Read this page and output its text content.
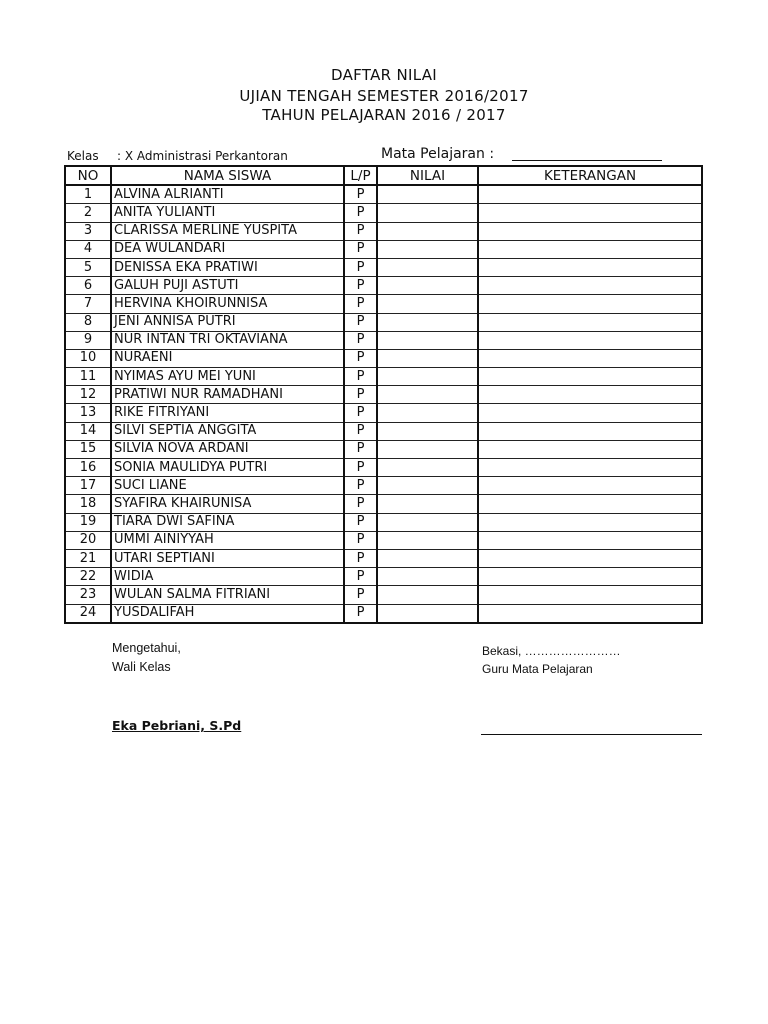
DAFTAR NILAI
UJIAN TENGAH SEMESTER 2016/2017
TAHUN PELAJARAN 2016 / 2017
Kelas : X Administrasi Perkantoran	Mata Pelajaran :
NO	NAMA SISWA	L/P	NILAI	KETERANGAN
1	ALVINA ALRIANTI	P		
2	ANITA YULIANTI	P		
3	CLARISSA MERLINE YUSPITA	P		
4	DEA WULANDARI	P		
5	DENISSA EKA PRATIWI	P		
6	GALUH PUJI ASTUTI	P		
7	HERVINA KHOIRUNNISA	P		
8	JENI ANNISA PUTRI	P		
9	NUR INTAN TRI OKTAVIANA	P		
10	NURAENI	P		
11	NYIMAS AYU MEI YUNI	P		
12	PRATIWI NUR RAMADHANI	P		
13	RIKE FITRIYANI	P		
14	SILVI SEPTIA ANGGITA	P		
15	SILVIA NOVA ARDANI	P		
16	SONIA MAULIDYA PUTRI	P		
17	SUCI LIANE	P		
18	SYAFIRA KHAIRUNISA	P		
19	TIARA DWI SAFINA	P		
20	UMMI AINIYYAH	P		
21	UTARI SEPTIANI	P		
22	WIDIA	P		
23	WULAN SALMA FITRIANI	P		
24	YUSDALIFAH	P		
Mengetahui,
Wali Kelas
Bekasi, ……………………
Guru Mata Pelajaran
Eka Pebriani, S.Pd
